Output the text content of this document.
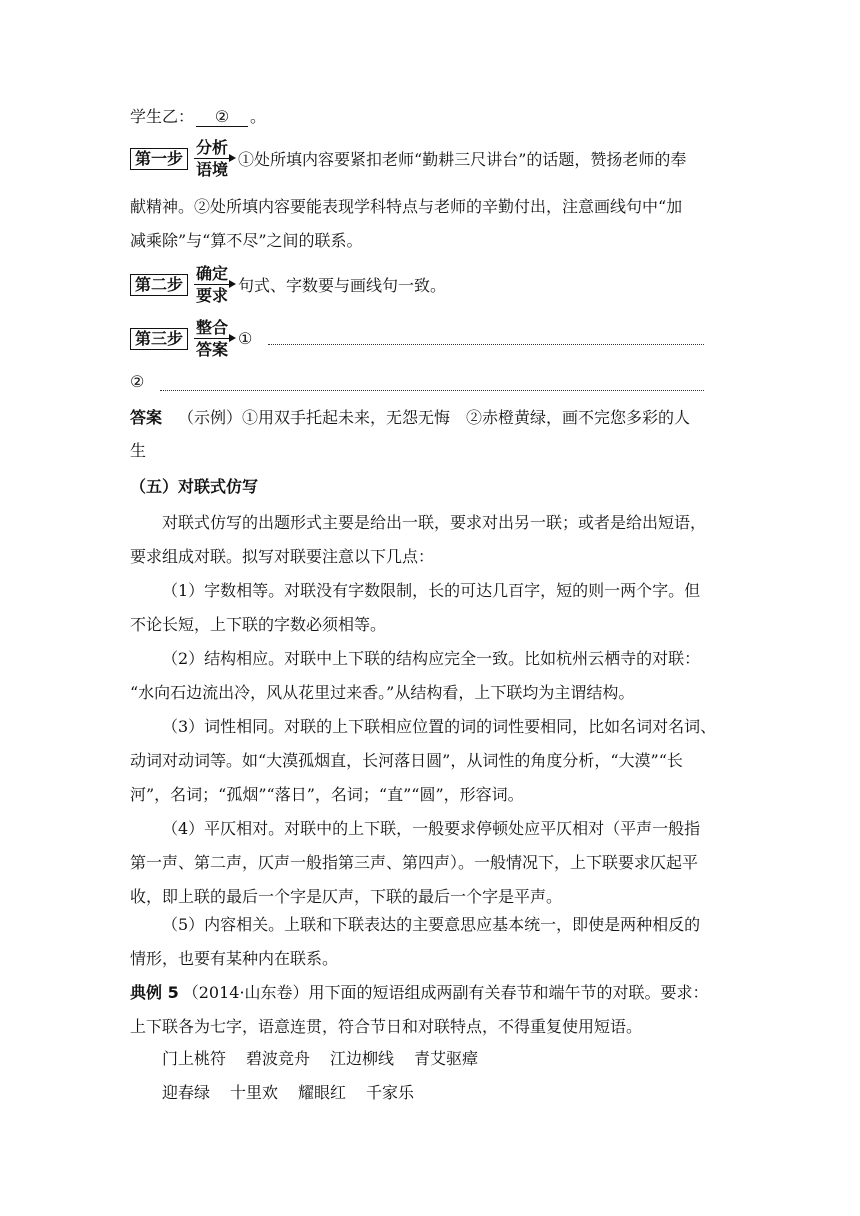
学生乙： ② 。
第一步
分析
语境
①处所填内容要紧扣老师“勤耕三尺讲台”的话题，赞扬老师的奉
献精神。②处所填内容要能表现学科特点与老师的辛勤付出，注意画线句中“加
减乘除”与“算不尽”之间的联系。
第二步
确定
要求
句式、字数要与画线句一致。
第三步
整合
答案
①
②
答案 （示例）①用双手托起未来，无怨无悔　②赤橙黄绿，画不完您多彩的人
生
（五）对联式仿写
对联式仿写的出题形式主要是给出一联，要求对出另一联；或者是给出短语，
要求组成对联。拟写对联要注意以下几点：
（1）字数相等。对联没有字数限制，长的可达几百字，短的则一两个字。但
不论长短，上下联的字数必须相等。
（2）结构相应。对联中上下联的结构应完全一致。比如杭州云栖寺的对联：
“水向石边流出冷，风从花里过来香。”从结构看，上下联均为主谓结构。
（3）词性相同。对联的上下联相应位置的词的词性要相同，比如名词对名词、
动词对动词等。如“大漠孤烟直，长河落日圆”，从词性的角度分析，“大漠”“长
河”，名词；“孤烟”“落日”，名词；“直”“圆”，形容词。
（4）平仄相对。对联中的上下联，一般要求停顿处应平仄相对（平声一般指
第一声、第二声，仄声一般指第三声、第四声）。一般情况下，上下联要求仄起平
收，即上联的最后一个字是仄声，下联的最后一个字是平声。
（5）内容相关。上联和下联表达的主要意思应基本统一，即使是两种相反的
情形，也要有某种内在联系。
典例 5 （2014·山东卷）用下面的短语组成两副有关春节和端午节的对联。要求：
上下联各为七字，语意连贯，符合节日和对联特点，不得重复使用短语。
门上桃符 碧波竞舟 江边柳线 青艾驱瘴
迎春绿 十里欢 耀眼红 千家乐
